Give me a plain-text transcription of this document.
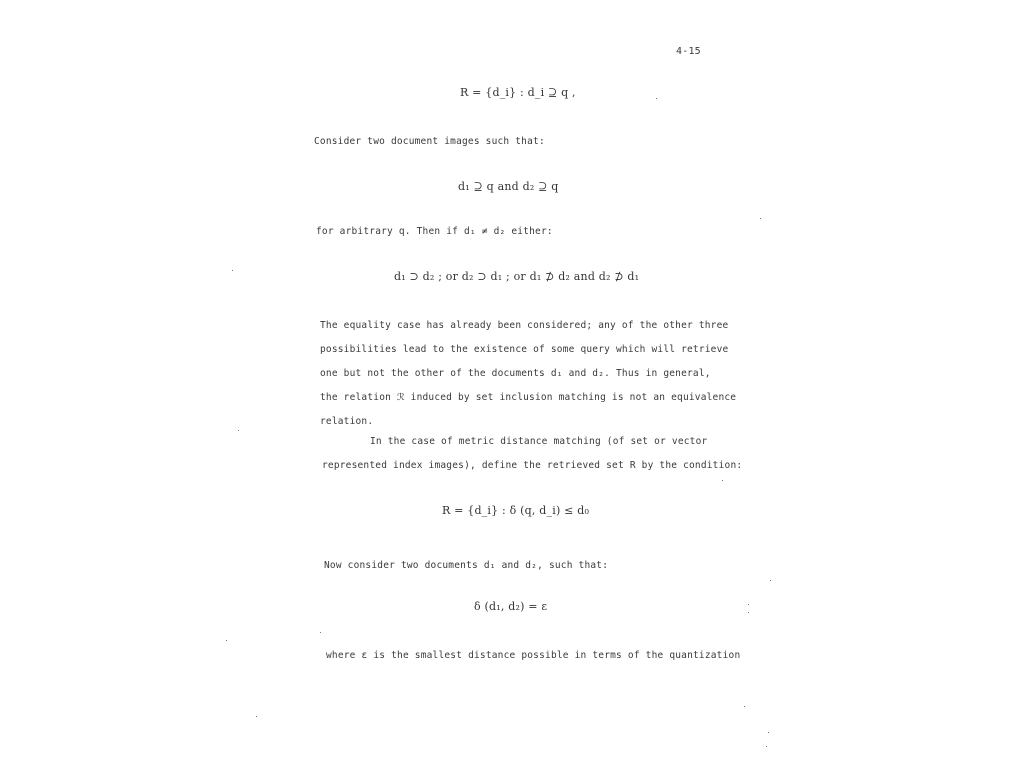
4-15
R = {d_i} : d_i ⊇ q ,
Consider two document images such that:
d₁ ⊇ q and d₂ ⊇ q
for arbitrary q. Then if d₁ ≠ d₂ either:
d₁ ⊃ d₂ ; or d₂ ⊃ d₁ ; or d₁ ⊅ d₂ and d₂ ⊅ d₁
The equality case has already been considered; any of the other three
possibilities lead to the existence of some query which will retrieve
one but not the other of the documents d₁ and d₂. Thus in general,
the relation ℛ induced by set inclusion matching is not an equivalence
relation.
In the case of metric distance matching (of set or vector
represented index images), define the retrieved set R by the condition:
R = {d_i} : δ (q, d_i) ≤ d₀
Now consider two documents d₁ and d₂, such that:
δ (d₁, d₂) = ε
where ε is the smallest distance possible in terms of the quantization
